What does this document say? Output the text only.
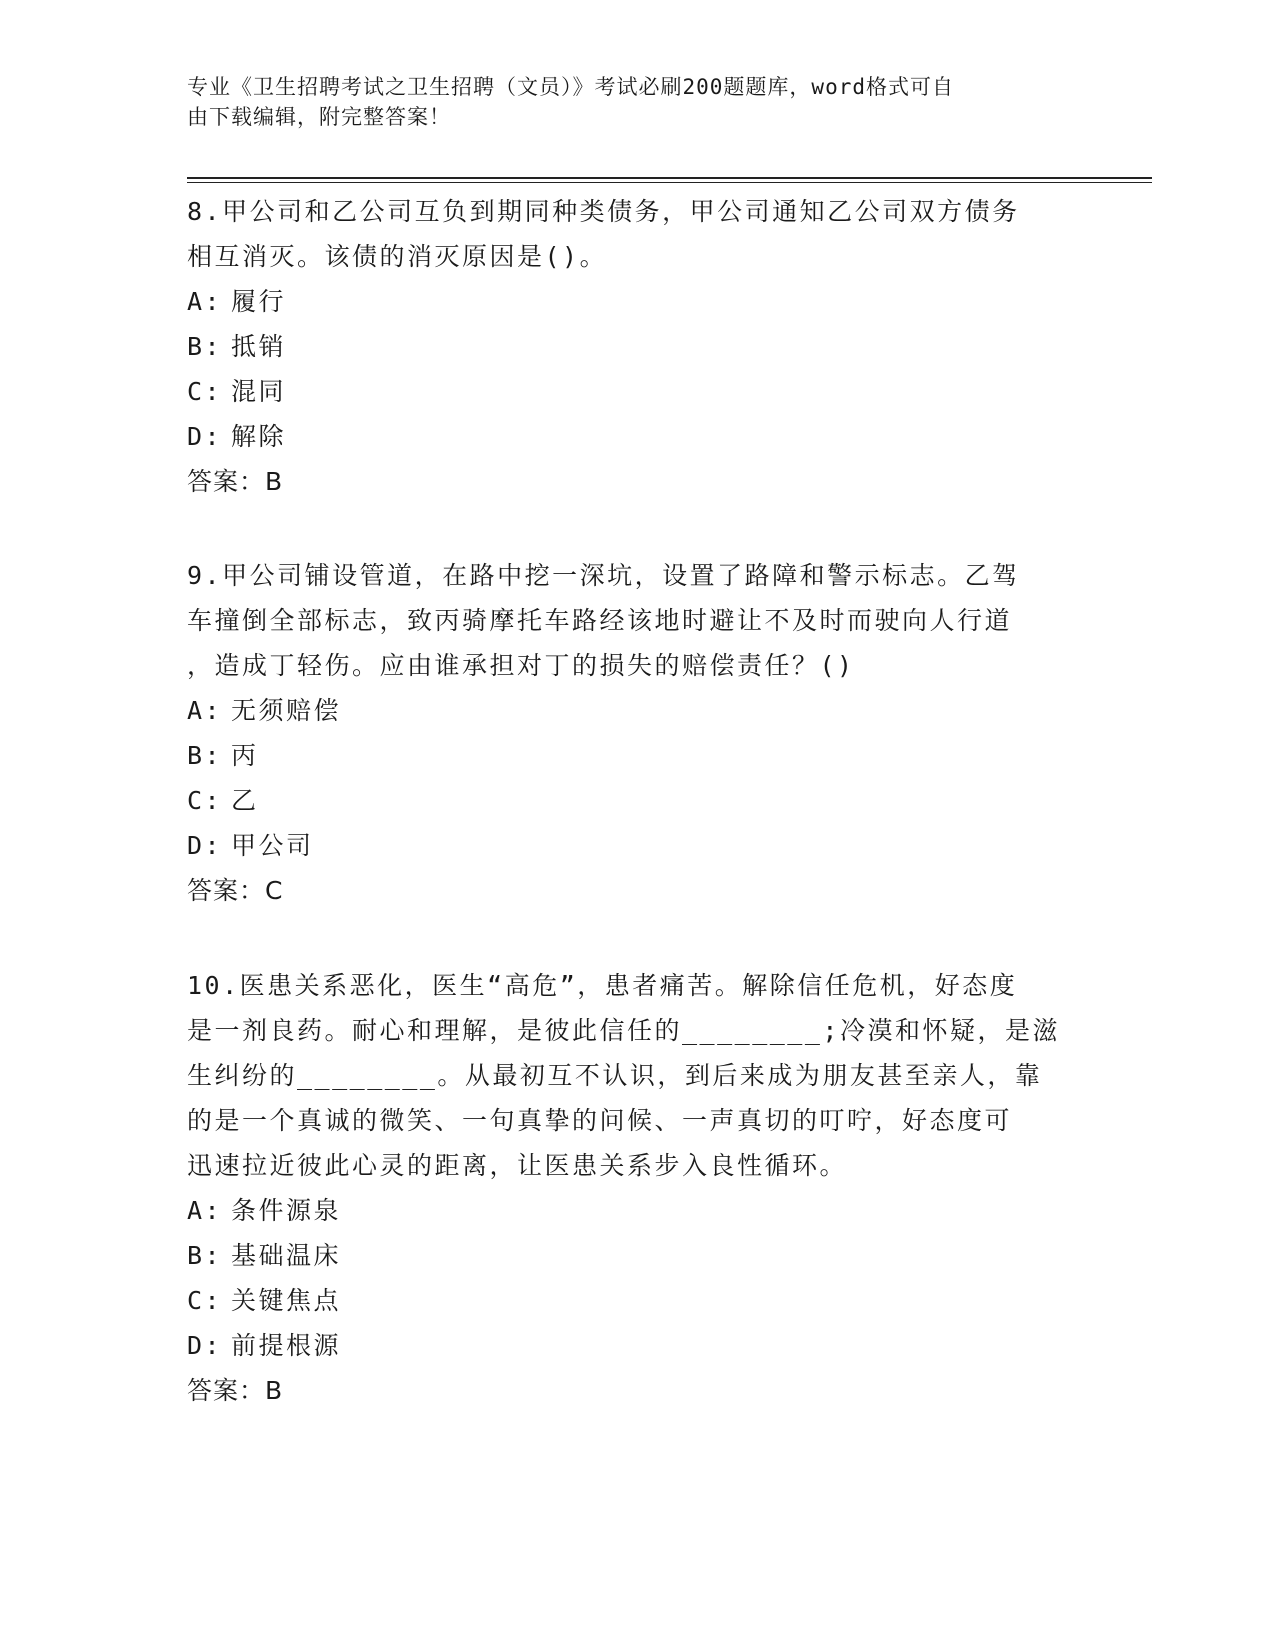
专业《卫生招聘考试之卫生招聘（文员）》考试必刷200题题库，word格式可自
由下载编辑，附完整答案！

8.甲公司和乙公司互负到期同种类债务，甲公司通知乙公司双方债务

相互消灭。该债的消灭原因是()。

A: 履行

B: 抵销

C: 混同

D: 解除

答案：B

9.甲公司铺设管道，在路中挖一深坑，设置了路障和警示标志。乙驾

车撞倒全部标志，致丙骑摩托车路经该地时避让不及时而驶向人行道

，造成丁轻伤。应由谁承担对丁的损失的赔偿责任？()

A: 无须赔偿

B: 丙

C: 乙

D: 甲公司

答案：C

10.医患关系恶化，医生“高危”，患者痛苦。解除信任危机，好态度

是一剂良药。耐心和理解，是彼此信任的________;冷漠和怀疑，是滋

生纠纷的________。从最初互不认识，到后来成为朋友甚至亲人，靠

的是一个真诚的微笑、一句真挚的问候、一声真切的叮咛，好态度可

迅速拉近彼此心灵的距离，让医患关系步入良性循环。

A: 条件源泉

B: 基础温床

C: 关键焦点

D: 前提根源

答案：B
